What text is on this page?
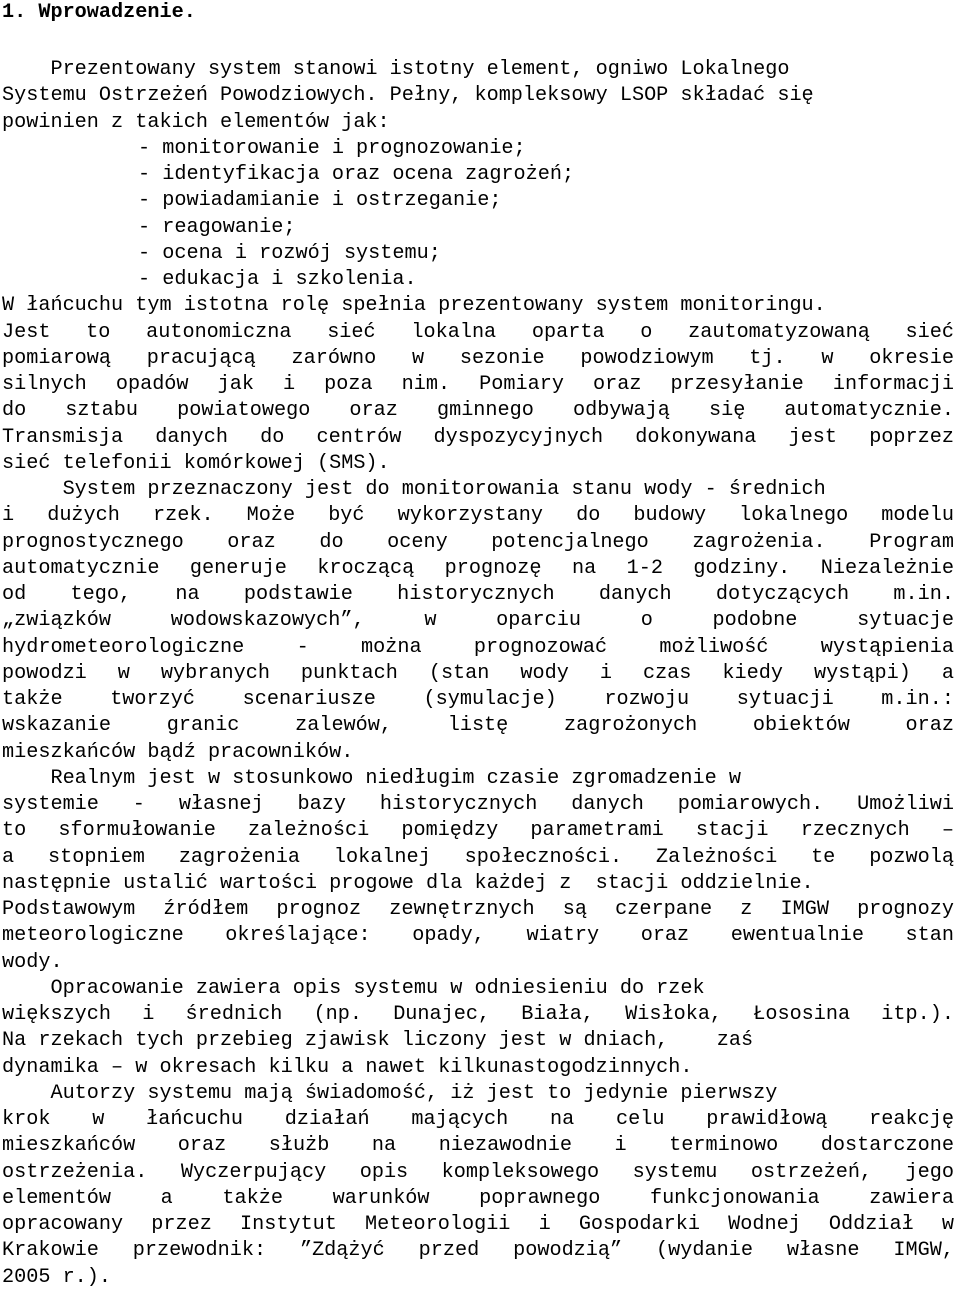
1. Wprowadzenie.
Prezentowany system stanowi istotny element, ogniwo Lokalnego
Systemu Ostrzeżeń Powodziowych. Pełny, kompleksowy LSOP składać się
powinien z takich elementów jak:
- monitorowanie i prognozowanie;
- identyfikacja oraz ocena zagrożeń;
- powiadamianie i ostrzeganie;
- reagowanie;
- ocena i rozwój systemu;
- edukacja i szkolenia.
W łańcuchu tym istotna rolę spełnia prezentowany system monitoringu.
Jest to autonomiczna sieć lokalna oparta o zautomatyzowaną sieć
pomiarową pracującą zarówno w sezonie powodziowym tj. w okresie
silnych opadów jak i poza nim. Pomiary oraz przesyłanie informacji
do sztabu powiatowego oraz gminnego odbywają się automatycznie.
Transmisja danych do centrów dyspozycyjnych dokonywana jest poprzez
sieć telefonii komórkowej (SMS).
System przeznaczony jest do monitorowania stanu wody - średnich
i dużych rzek. Może być wykorzystany do budowy lokalnego modelu
prognostycznego oraz do oceny potencjalnego zagrożenia. Program
automatycznie generuje kroczącą prognozę na 1-2 godziny. Niezależnie
od tego, na podstawie historycznych danych dotyczących m.in.
„związków wodowskazowych”, w oparciu o podobne sytuacje
hydrometeorologiczne - można prognozować możliwość wystąpienia
powodzi w wybranych punktach (stan wody i czas kiedy wystąpi) a
także tworzyć scenariusze (symulacje) rozwoju sytuacji m.in.:
wskazanie granic zalewów, listę zagrożonych obiektów oraz
mieszkańców bądź pracowników.
Realnym jest w stosunkowo niedługim czasie zgromadzenie w
systemie - własnej bazy historycznych danych pomiarowych. Umożliwi
to sformułowanie zależności pomiędzy parametrami stacji rzecznych –
a stopniem zagrożenia lokalnej społeczności. Zależności te pozwolą
następnie ustalić wartości progowe dla każdej z  stacji oddzielnie.
Podstawowym źródłem prognoz zewnętrznych są czerpane z IMGW prognozy
meteorologiczne określające: opady, wiatry oraz ewentualnie stan
wody.
Opracowanie zawiera opis systemu w odniesieniu do rzek
większych i średnich (np. Dunajec, Biała, Wisłoka, Łososina itp.).
Na rzekach tych przebieg zjawisk liczony jest w dniach,    zaś
dynamika – w okresach kilku a nawet kilkunastogodzinnych.
Autorzy systemu mają świadomość, iż jest to jedynie pierwszy
krok w łańcuchu działań mających na celu prawidłową reakcję
mieszkańców oraz służb na niezawodnie i terminowo dostarczone
ostrzeżenia. Wyczerpujący opis kompleksowego systemu ostrzeżeń, jego
elementów a także warunków poprawnego funkcjonowania zawiera
opracowany przez Instytut Meteorologii i Gospodarki Wodnej Oddział w
Krakowie przewodnik: ”Zdążyć przed powodzią” (wydanie własne IMGW,
2005 r.).
